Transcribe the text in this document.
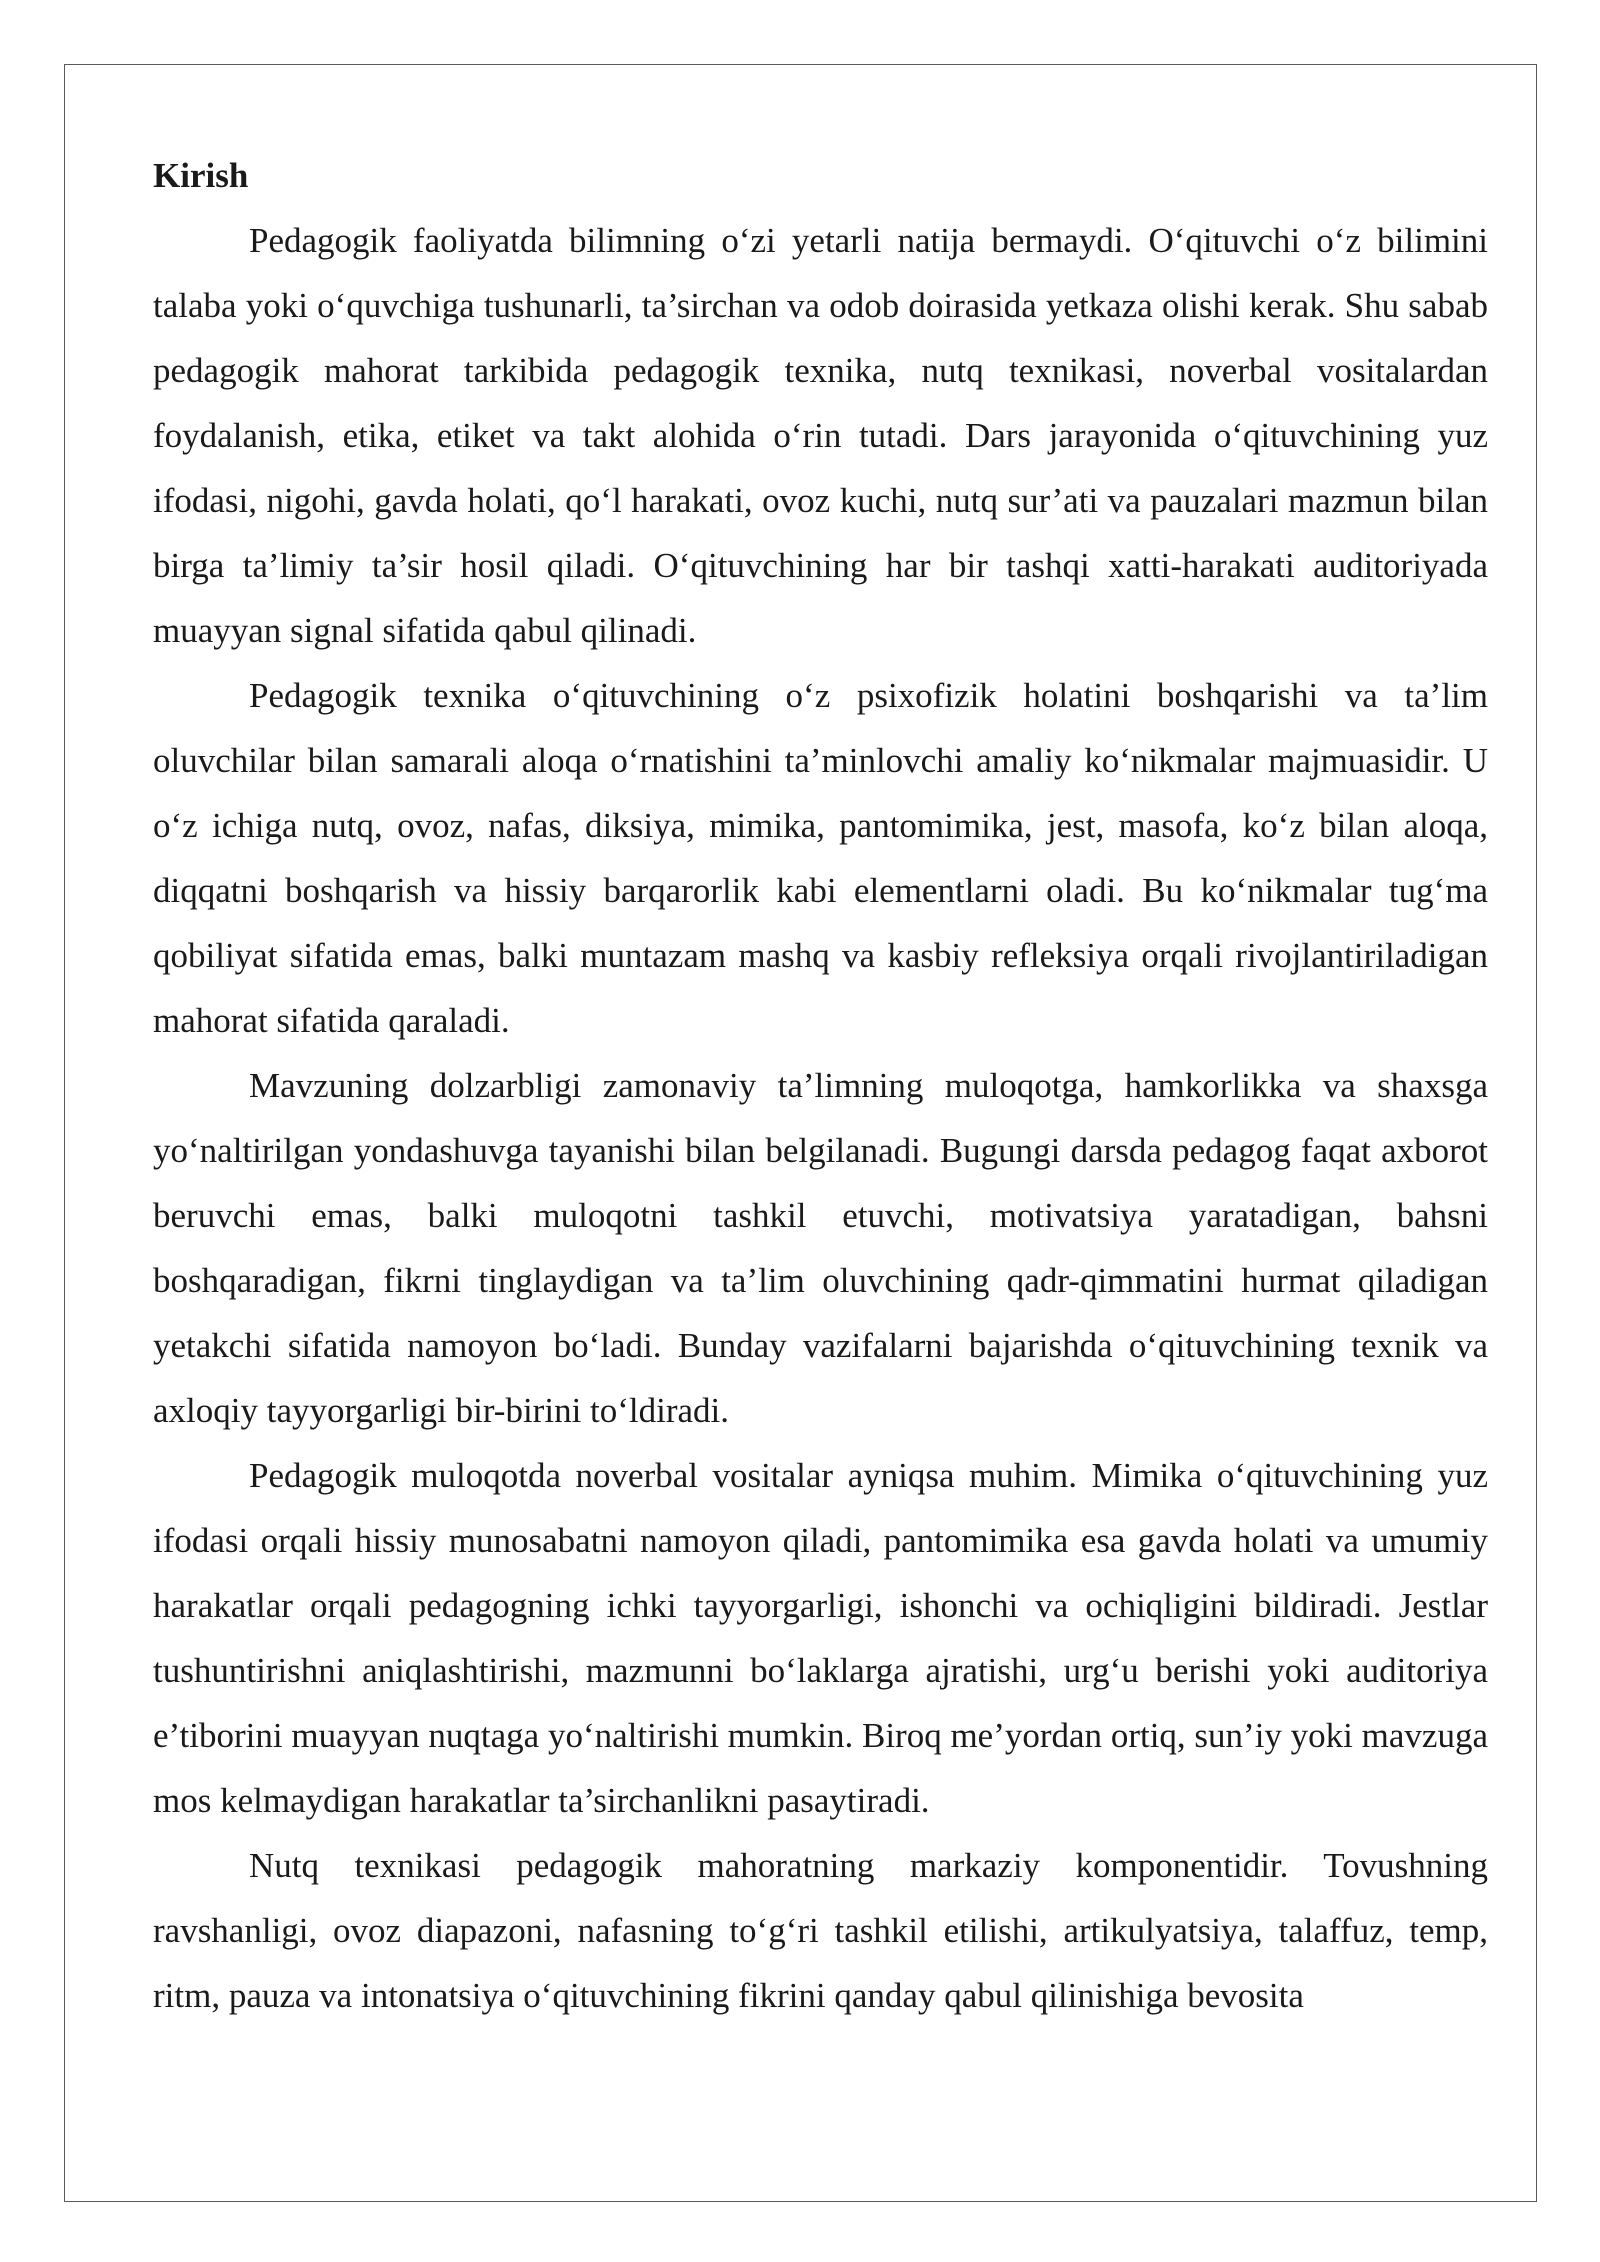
Kirish

Pedagogik faoliyatda bilimning o‘zi yetarli natija bermaydi. O‘qituvchi o‘z bilimini talaba yoki o‘quvchiga tushunarli, ta’sirchan va odob doirasida yetkaza olishi kerak. Shu sabab pedagogik mahorat tarkibida pedagogik texnika, nutq texnikasi, noverbal vositalardan foydalanish, etika, etiket va takt alohida o‘rin tutadi. Dars jarayonida o‘qituvchining yuz ifodasi, nigohi, gavda holati, qo‘l harakati, ovoz kuchi, nutq sur’ati va pauzalari mazmun bilan birga ta’limiy ta’sir hosil qiladi. O‘qituvchining har bir tashqi xatti-harakati auditoriyada muayyan signal sifatida qabul qilinadi.

Pedagogik texnika o‘qituvchining o‘z psixofizik holatini boshqarishi va ta’lim oluvchilar bilan samarali aloqa o‘rnatishini ta’minlovchi amaliy ko‘nikmalar majmuasidir. U o‘z ichiga nutq, ovoz, nafas, diksiya, mimika, pantomimika, jest, masofa, ko‘z bilan aloqa, diqqatni boshqarish va hissiy barqarorlik kabi elementlarni oladi. Bu ko‘nikmalar tug‘ma qobiliyat sifatida emas, balki muntazam mashq va kasbiy refleksiya orqali rivojlantiriladigan mahorat sifatida qaraladi.

Mavzuning dolzarbligi zamonaviy ta’limning muloqotga, hamkorlikka va shaxsga yo‘naltirilgan yondashuvga tayanishi bilan belgilanadi. Bugungi darsda pedagog faqat axborot beruvchi emas, balki muloqotni tashkil etuvchi, motivatsiya yaratadigan, bahsni boshqaradigan, fikrni tinglaydigan va ta’lim oluvchining qadr-qimmatini hurmat qiladigan yetakchi sifatida namoyon bo‘ladi. Bunday vazifalarni bajarishda o‘qituvchining texnik va axloqiy tayyorgarligi bir-birini to‘ldiradi.

Pedagogik muloqotda noverbal vositalar ayniqsa muhim. Mimika o‘qituvchining yuz ifodasi orqali hissiy munosabatni namoyon qiladi, pantomimika esa gavda holati va umumiy harakatlar orqali pedagogning ichki tayyorgarligi, ishonchi va ochiqligini bildiradi. Jestlar tushuntirishni aniqlashtirishi, mazmunni bo‘laklarga ajratishi, urg‘u berishi yoki auditoriya e’tiborini muayyan nuqtaga yo‘naltirishi mumkin. Biroq me’yordan ortiq, sun’iy yoki mavzuga mos kelmaydigan harakatlar ta’sirchanlikni pasaytiradi.

Nutq texnikasi pedagogik mahoratning markaziy komponentidir. Tovushning ravshanligi, ovoz diapazoni, nafasning to‘g‘ri tashkil etilishi, artikulyatsiya, talaffuz, temp, ritm, pauza va intonatsiya o‘qituvchining fikrini qanday qabul qilinishiga bevosita
